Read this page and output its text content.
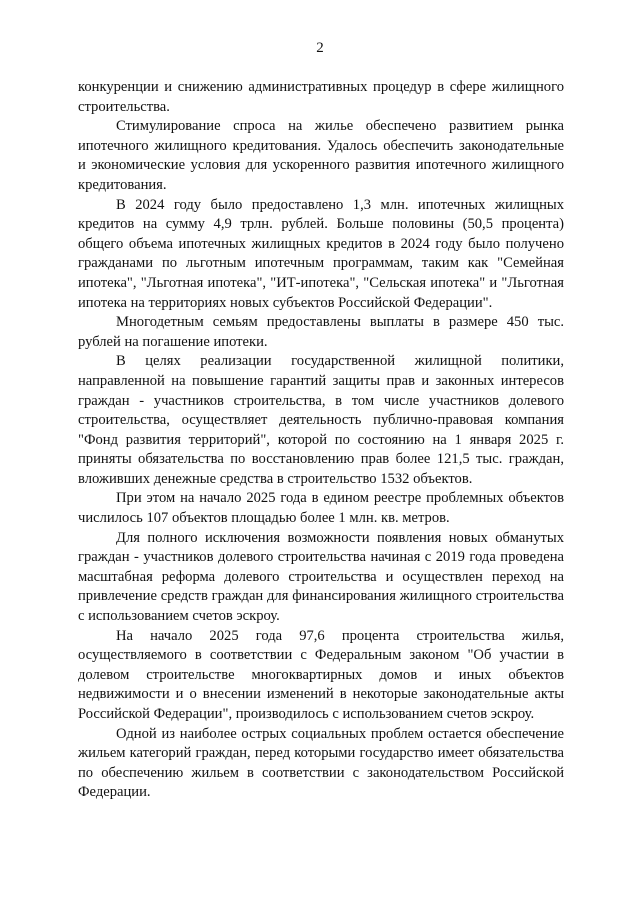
2

конкуренции и снижению административных процедур в сфере жилищного строительства.

Стимулирование спроса на жилье обеспечено развитием рынка ипотечного жилищного кредитования. Удалось обеспечить законодательные и экономические условия для ускоренного развития ипотечного жилищного кредитования.

В 2024 году было предоставлено 1,3 млн. ипотечных жилищных кредитов на сумму 4,9 трлн. рублей. Больше половины (50,5 процента) общего объема ипотечных жилищных кредитов в 2024 году было получено гражданами по льготным ипотечным программам, таким как "Семейная ипотека", "Льготная ипотека", "ИТ-ипотека", "Сельская ипотека" и "Льготная ипотека на территориях новых субъектов Российской Федерации".

Многодетным семьям предоставлены выплаты в размере 450 тыс. рублей на погашение ипотеки.

В целях реализации государственной жилищной политики, направленной на повышение гарантий защиты прав и законных интересов граждан - участников строительства, в том числе участников долевого строительства, осуществляет деятельность публично-правовая компания "Фонд развития территорий", которой по состоянию на 1 января 2025 г. приняты обязательства по восстановлению прав более 121,5 тыс. граждан, вложивших денежные средства в строительство 1532 объектов.

При этом на начало 2025 года в едином реестре проблемных объектов числилось 107 объектов площадью более 1 млн. кв. метров.

Для полного исключения возможности появления новых обманутых граждан - участников долевого строительства начиная с 2019 года проведена масштабная реформа долевого строительства и осуществлен переход на привлечение средств граждан для финансирования жилищного строительства с использованием счетов эскроу.

На начало 2025 года 97,6 процента строительства жилья, осуществляемого в соответствии с Федеральным законом "Об участии в долевом строительстве многоквартирных домов и иных объектов недвижимости и о внесении изменений в некоторые законодательные акты Российской Федерации", производилось с использованием счетов эскроу.

Одной из наиболее острых социальных проблем остается обеспечение жильем категорий граждан, перед которыми государство имеет обязательства по обеспечению жильем в соответствии с законодательством Российской Федерации.
